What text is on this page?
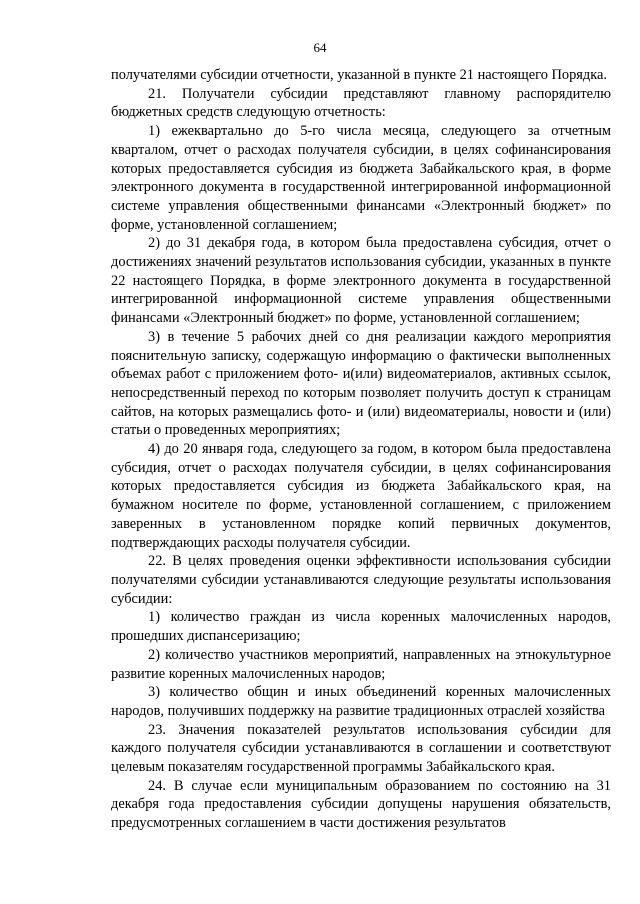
64

получателями субсидии отчетности, указанной в пункте 21 настоящего Порядка.

21. Получатели субсидии представляют главному распорядителю бюджетных средств следующую отчетность:

1) ежеквартально до 5-го числа месяца, следующего за отчетным кварталом, отчет о расходах получателя субсидии, в целях софинансирования которых предоставляется субсидия из бюджета Забайкальского края, в форме электронного документа в государственной интегрированной информационной системе управления общественными финансами «Электронный бюджет» по форме, установленной соглашением;

2) до 31 декабря года, в котором была предоставлена субсидия, отчет о достижениях значений результатов использования субсидии, указанных в пункте 22 настоящего Порядка, в форме электронного документа в государственной интегрированной информационной системе управления общественными финансами «Электронный бюджет» по форме, установленной соглашением;

3) в течение 5 рабочих дней со дня реализации каждого мероприятия пояснительную записку, содержащую информацию о фактически выполненных объемах работ с приложением фото- и(или) видеоматериалов, активных ссылок, непосредственный переход по которым позволяет получить доступ к страницам сайтов, на которых размещались фото- и (или) видеоматериалы, новости и (или) статьи о проведенных мероприятиях;

4) до 20 января года, следующего за годом, в котором была предоставлена субсидия, отчет о расходах получателя субсидии, в целях софинансирования которых предоставляется субсидия из бюджета Забайкальского края, на бумажном носителе по форме, установленной соглашением, с приложением заверенных в установленном порядке копий первичных документов, подтверждающих расходы получателя субсидии.

22. В целях проведения оценки эффективности использования субсидии получателями субсидии устанавливаются следующие результаты использования субсидии:

1) количество граждан из числа коренных малочисленных народов, прошедших диспансеризацию;

2) количество участников мероприятий, направленных на этнокультурное развитие коренных малочисленных народов;

3) количество общин и иных объединений коренных малочисленных народов, получивших поддержку на развитие традиционных отраслей хозяйства

23. Значения показателей результатов использования субсидии для каждого получателя субсидии устанавливаются в соглашении и соответствуют целевым показателям государственной программы Забайкальского края.

24. В случае если муниципальным образованием по состоянию на 31 декабря года предоставления субсидии допущены нарушения обязательств, предусмотренных соглашением в части достижения результатов
